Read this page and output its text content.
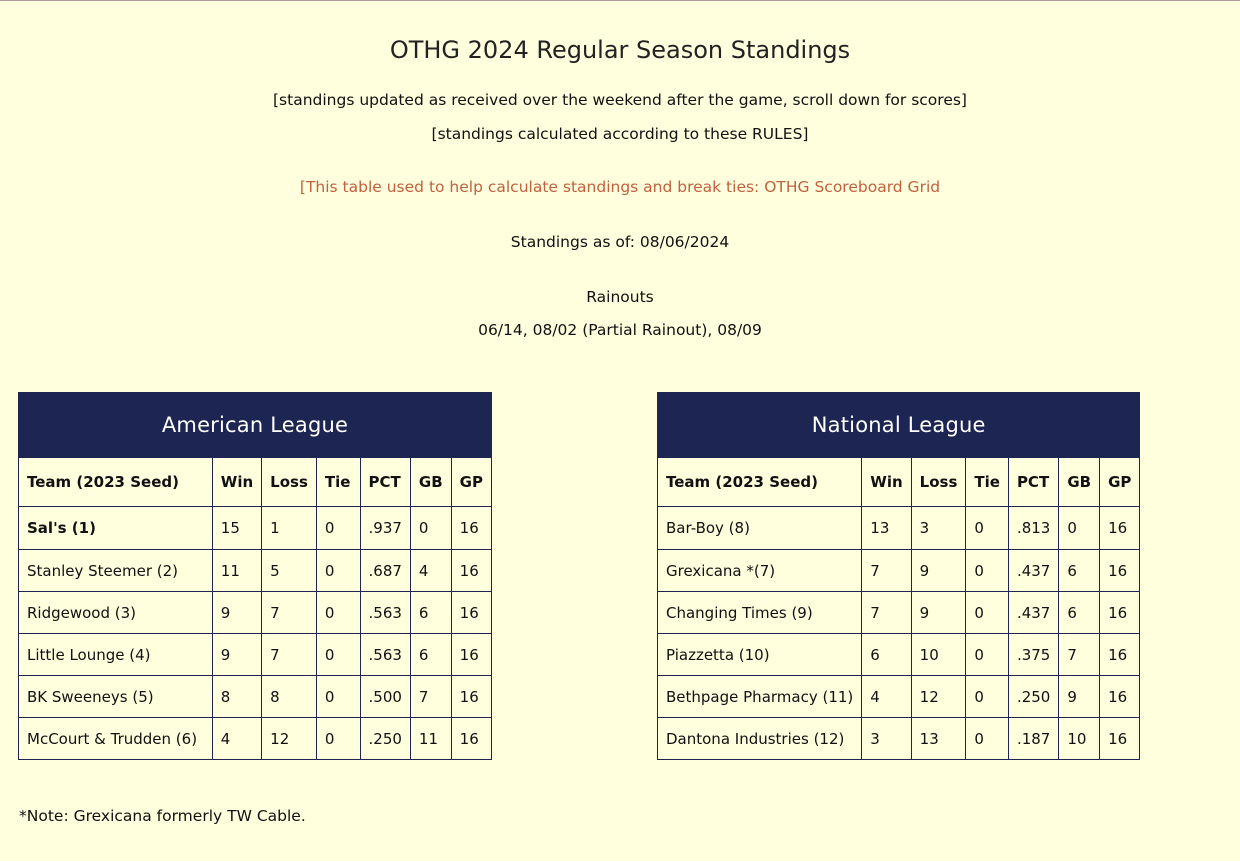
OTHG 2024 Regular Season Standings
[standings updated as received over the weekend after the game, scroll down for scores]
[standings calculated according to these RULES]
[This table used to help calculate standings and break ties: OTHG Scoreboard Grid
Standings as of: 08/06/2024
Rainouts
06/14, 08/02 (Partial Rainout), 08/09
American League						
Team (2023 Seed)	Win	Loss	Tie	PCT	GB	GP
Sal's (1)	15	1	0	.937	0	16
Stanley Steemer (2)	11	5	0	.687	4	16
Ridgewood (3)	9	7	0	.563	6	16
Little Lounge (4)	9	7	0	.563	6	16
BK Sweeneys (5)	8	8	0	.500	7	16
McCourt & Trudden (6)	4	12	0	.250	11	16
National League						
Team (2023 Seed)	Win	Loss	Tie	PCT	GB	GP
Bar-Boy (8)	13	3	0	.813	0	16
Grexicana *(7)	7	9	0	.437	6	16
Changing Times (9)	7	9	0	.437	6	16
Piazzetta (10)	6	10	0	.375	7	16
Bethpage Pharmacy (11)	4	12	0	.250	9	16
Dantona Industries (12)	3	13	0	.187	10	16
*Note: Grexicana formerly TW Cable.
